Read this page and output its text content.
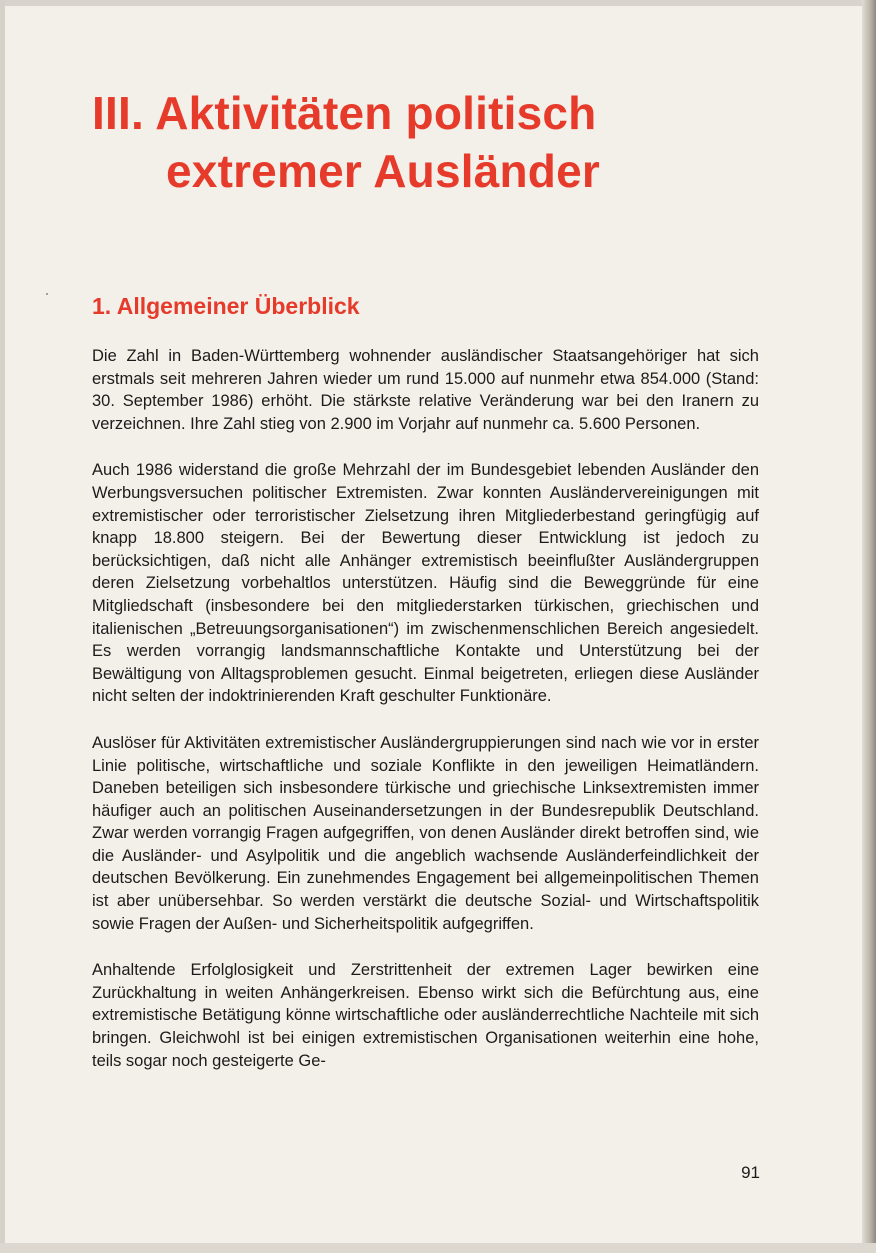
III. Aktivitäten politisch
extremer Ausländer
1. Allgemeiner Überblick

Die Zahl in Baden-Württemberg wohnender ausländischer Staatsangehöriger hat sich erstmals seit mehreren Jahren wieder um rund 15.000 auf nunmehr etwa 854.000 (Stand: 30. September 1986) erhöht. Die stärkste relative Veränderung war bei den Iranern zu verzeichnen. Ihre Zahl stieg von 2.900 im Vorjahr auf nunmehr ca. 5.600 Personen.

Auch 1986 widerstand die große Mehrzahl der im Bundesgebiet lebenden Ausländer den Werbungsversuchen politischer Extremisten. Zwar konnten Ausländervereinigungen mit extremistischer oder terroristischer Zielsetzung ihren Mitgliederbestand geringfügig auf knapp 18.800 steigern. Bei der Bewertung dieser Entwicklung ist jedoch zu berücksichtigen, daß nicht alle Anhänger extremistisch beeinflußter Ausländergruppen deren Zielsetzung vorbehaltlos unterstützen. Häufig sind die Beweggründe für eine Mitgliedschaft (insbesondere bei den mitgliederstarken türkischen, griechischen und italienischen „Betreuungsorganisationen“) im zwischenmenschlichen Bereich angesiedelt. Es werden vorrangig landsmannschaftliche Kontakte und Unterstützung bei der Bewältigung von Alltagsproblemen gesucht. Einmal beigetreten, erliegen diese Ausländer nicht selten der indoktrinierenden Kraft geschulter Funktionäre.

Auslöser für Aktivitäten extremistischer Ausländergruppierungen sind nach wie vor in erster Linie politische, wirtschaftliche und soziale Konflikte in den jeweiligen Heimatländern. Daneben beteiligen sich insbesondere türkische und griechische Linksextremisten immer häufiger auch an politischen Auseinandersetzungen in der Bundesrepublik Deutschland. Zwar werden vorrangig Fragen aufgegriffen, von denen Ausländer direkt betroffen sind, wie die Ausländer- und Asylpolitik und die angeblich wachsende Ausländerfeindlichkeit der deutschen Bevölkerung. Ein zunehmendes Engagement bei allgemeinpolitischen Themen ist aber unübersehbar. So werden verstärkt die deutsche Sozial- und Wirtschaftspolitik sowie Fragen der Außen- und Sicherheitspolitik aufgegriffen.

Anhaltende Erfolglosigkeit und Zerstrittenheit der extremen Lager bewirken eine Zurückhaltung in weiten Anhängerkreisen. Ebenso wirkt sich die Befürchtung aus, eine extremistische Betätigung könne wirtschaftliche oder ausländerrechtliche Nachteile mit sich bringen. Gleichwohl ist bei einigen extremistischen Organisationen weiterhin eine hohe, teils sogar noch gesteigerte Ge-

91
